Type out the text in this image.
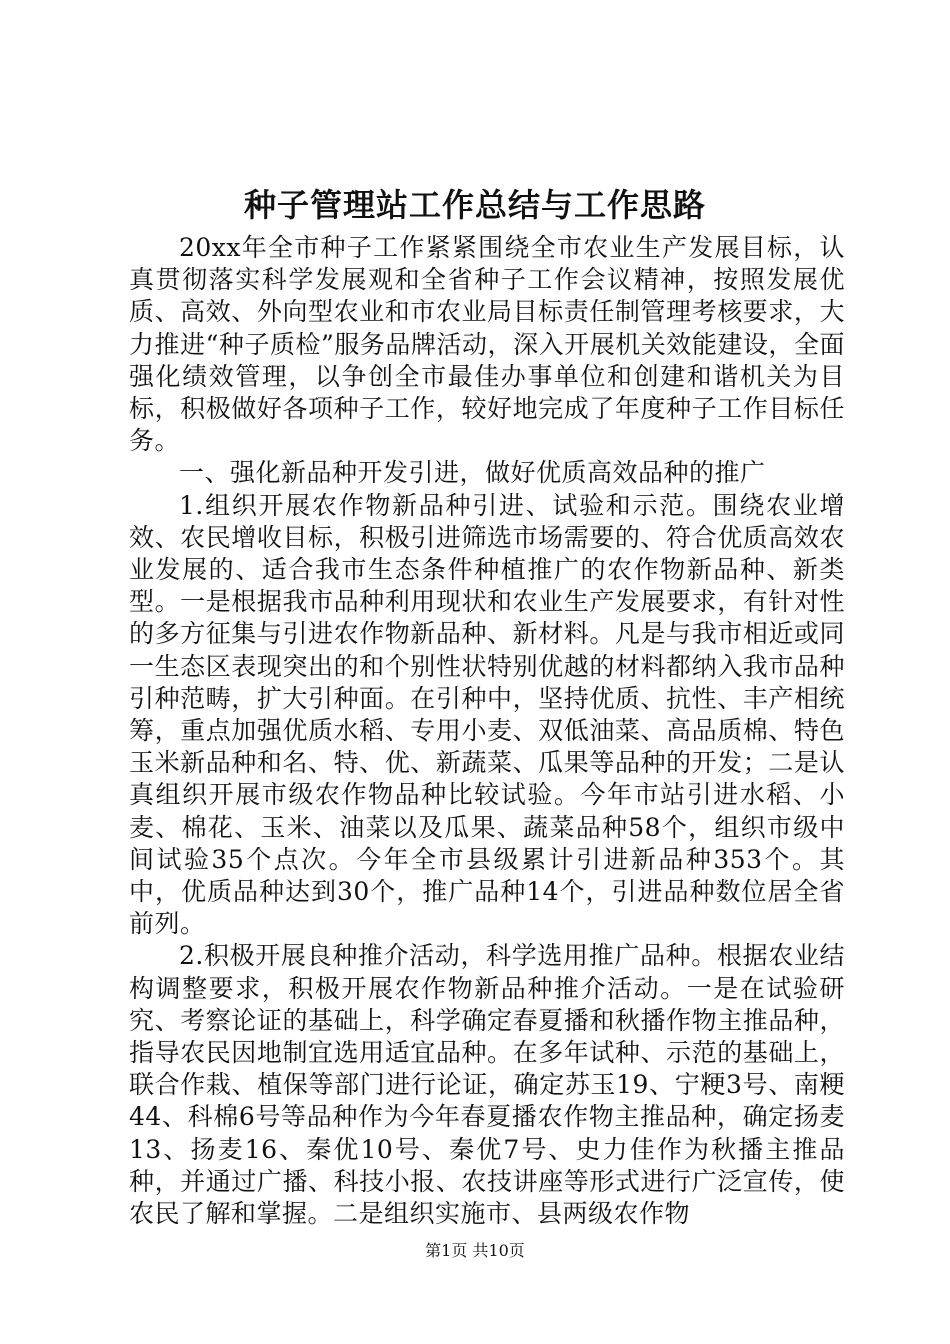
种子管理站工作总结与工作思路

20xx年全市种子工作紧紧围绕全市农业生产发展目标，认真贯彻落实科学发展观和全省种子工作会议精神，按照发展优质、高效、外向型农业和市农业局目标责任制管理考核要求，大力推进“种子质检”服务品牌活动，深入开展机关效能建设，全面强化绩效管理，以争创全市最佳办事单位和创建和谐机关为目标，积极做好各项种子工作，较好地完成了年度种子工作目标任务。

一、强化新品种开发引进，做好优质高效品种的推广

1.组织开展农作物新品种引进、试验和示范。围绕农业增效、农民增收目标，积极引进筛选市场需要的、符合优质高效农业发展的、适合我市生态条件种植推广的农作物新品种、新类型。一是根据我市品种利用现状和农业生产发展要求，有针对性的多方征集与引进农作物新品种、新材料。凡是与我市相近或同一生态区表现突出的和个别性状特别优越的材料都纳入我市品种引种范畴，扩大引种面。在引种中，坚持优质、抗性、丰产相统筹，重点加强优质水稻、专用小麦、双低油菜、高品质棉、特色玉米新品种和名、特、优、新蔬菜、瓜果等品种的开发；二是认真组织开展市级农作物品种比较试验。今年市站引进水稻、小麦、棉花、玉米、油菜以及瓜果、蔬菜品种58个，组织市级中间试验35个点次。今年全市县级累计引进新品种353个。其中，优质品种达到30个，推广品种14个，引进品种数位居全省前列。

2.积极开展良种推介活动，科学选用推广品种。根据农业结构调整要求，积极开展农作物新品种推介活动。一是在试验研究、考察论证的基础上，科学确定春夏播和秋播作物主推品种，指导农民因地制宜选用适宜品种。在多年试种、示范的基础上，联合作栽、植保等部门进行论证，确定苏玉19、宁粳3号、南粳44、科棉6号等品种作为今年春夏播农作物主推品种，确定扬麦13、扬麦16、秦优10号、秦优7号、史力佳作为秋播主推品种，并通过广播、科技小报、农技讲座等形式进行广泛宣传，使农民了解和掌握。二是组织实施市、县两级农作物

第1页 共10页
